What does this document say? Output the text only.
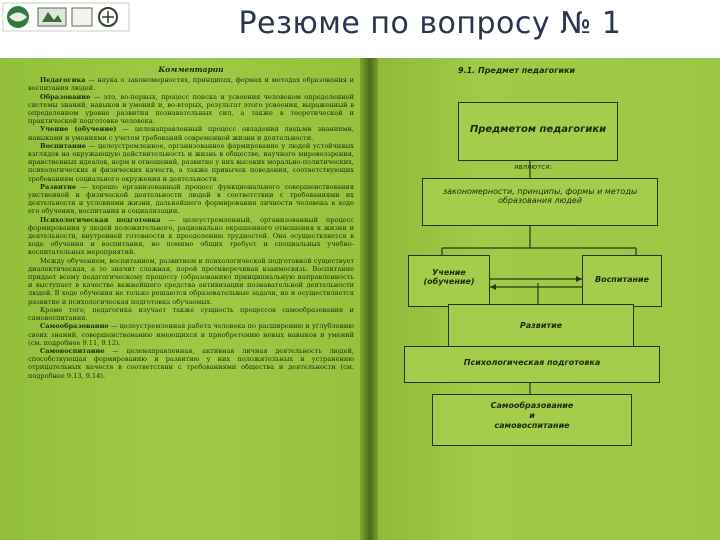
Резюме по вопросу № 1

Комментарии

Педагогика — наука о закономерностях, принципах, формах и методах образования и воспитания людей.

Образование — это, во-первых, процесс поиска и усвоения человеком определенной системы знаний, навыков и умений и, во-вторых, результат этого усвоения, выраженный в определенном уровне развития познавательных сил, а также в теоретической и практической подготовке человека.

Учение (обучение) — целенаправленный процесс овладения людьми знаниями, навыками и умениями с учетом требований современной жизни и деятельности.

Воспитание — целеустремленное, организованное формирование у людей устойчивых взглядов на окружающую действительность и жизнь в обществе, научного мировоззрения, нравственных идеалов, норм и отношений, развитие у них высоких морально-политических, психологических и физических качеств, а также привычек поведения, соответствующих требованиям социального окружения и деятельности.

Развитие — хорошо организованный процесс функционального совершенствования умственной и физической деятельности людей в соответствии с требованиями их деятельности и условиями жизни, дальнейшего формирования личности человека в ходе его обучения, воспитания и социализации.

Психологическая подготовка — целеустремленный, организованный процесс формирования у людей положительного, рационально окрашенного отношения к жизни и деятельности, внутренней готовности к преодолению трудностей. Она осуществляется в ходе обучения и воспитания, но помимо общих требует и специальных учебно-воспитательных мероприятий.

Между обучением, воспитанием, развитием и психологической подготовкой существует диалектическая, а то значит сложная, порой противоречивая взаимосвязь. Воспитание придает всему педагогическому процессу (образованию) принципиальную направленность и выступает в качестве важнейшего средства активизации познавательной деятельности людей. В ходе обучения не только решаются образовательные задачи, но и осуществляется развитие и психологическая подготовка обучаемых.

Кроме того, педагогика изучает также сущность процессов самообразования и самовоспитания.

Самообразование — целеустремленная работа человека по расширению и углублению своих знаний, совершенствованию имеющихся и приобретению новых навыков и умений (см. подробнее 9.11, 9.12).

Самовоспитание — целенаправленная, активная личная деятельность людей, способствующая формированию и развитию у них положительных и устранению отрицательных качеств в соответствии с требованиями общества и деятельности (см. подробнее 9.13, 9.14).

9.1. Предмет педагогики
Предметом педагогики
являются:
закономерности, принципы, формы и методы образования людей
Учение (обучение)	Воспитание
Развитие
Психологическая подготовка
Самообразование
и
самовоспитание
